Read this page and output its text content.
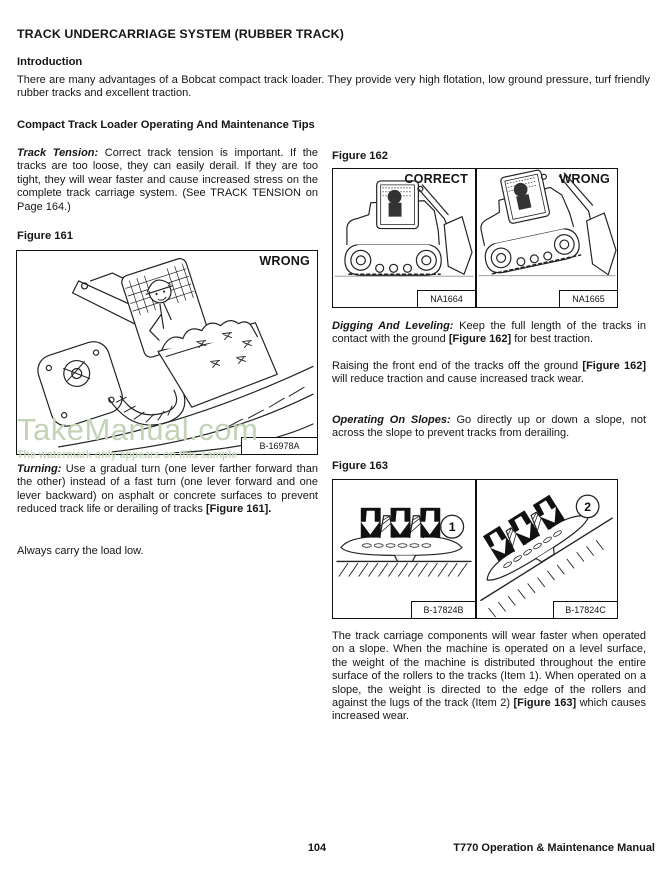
TRACK UNDERCARRIAGE SYSTEM (RUBBER TRACK)
Introduction

There are many advantages of a Bobcat compact track loader. They provide very high flotation, low ground pressure, turf friendly rubber tracks and excellent traction.

Compact Track Loader Operating And Maintenance Tips

Track Tension: Correct track tension is important. If the tracks are too loose, they can easily derail. If they are too tight, they will wear faster and cause increased stress on the complete track carriage system. (See TRACK TENSION on Page 164.)

Figure 161
WRONG
B-16978A
TakeManual.com
The watermark only appears on this sample

Turning: Use a gradual turn (one lever farther forward than the other) instead of a fast turn (one lever forward and one lever backward) on asphalt or concrete surfaces to prevent reduced track life or derailing of tracks [Figure 161].

Always carry the load low.

Figure 162
CORRECT
NA1664
WRONG
NA1665

Digging And Leveling: Keep the full length of the tracks in contact with the ground [Figure 162] for best traction.

Raising the front end of the tracks off the ground [Figure 162] will reduce traction and cause increased track wear.

Operating On Slopes: Go directly up or down a slope, not across the slope to prevent tracks from derailing.

Figure 163
1
B-17824B
2
B-17824C

The track carriage components will wear faster when operated on a slope. When the machine is operated on a level surface, the weight of the machine is distributed throughout the entire surface of the rollers to the tracks (Item 1). When operated on a slope, the weight is directed to the edge of the rollers and against the lugs of the track (Item 2) [Figure 163] which causes increased wear.

104	T770 Operation & Maintenance Manual
